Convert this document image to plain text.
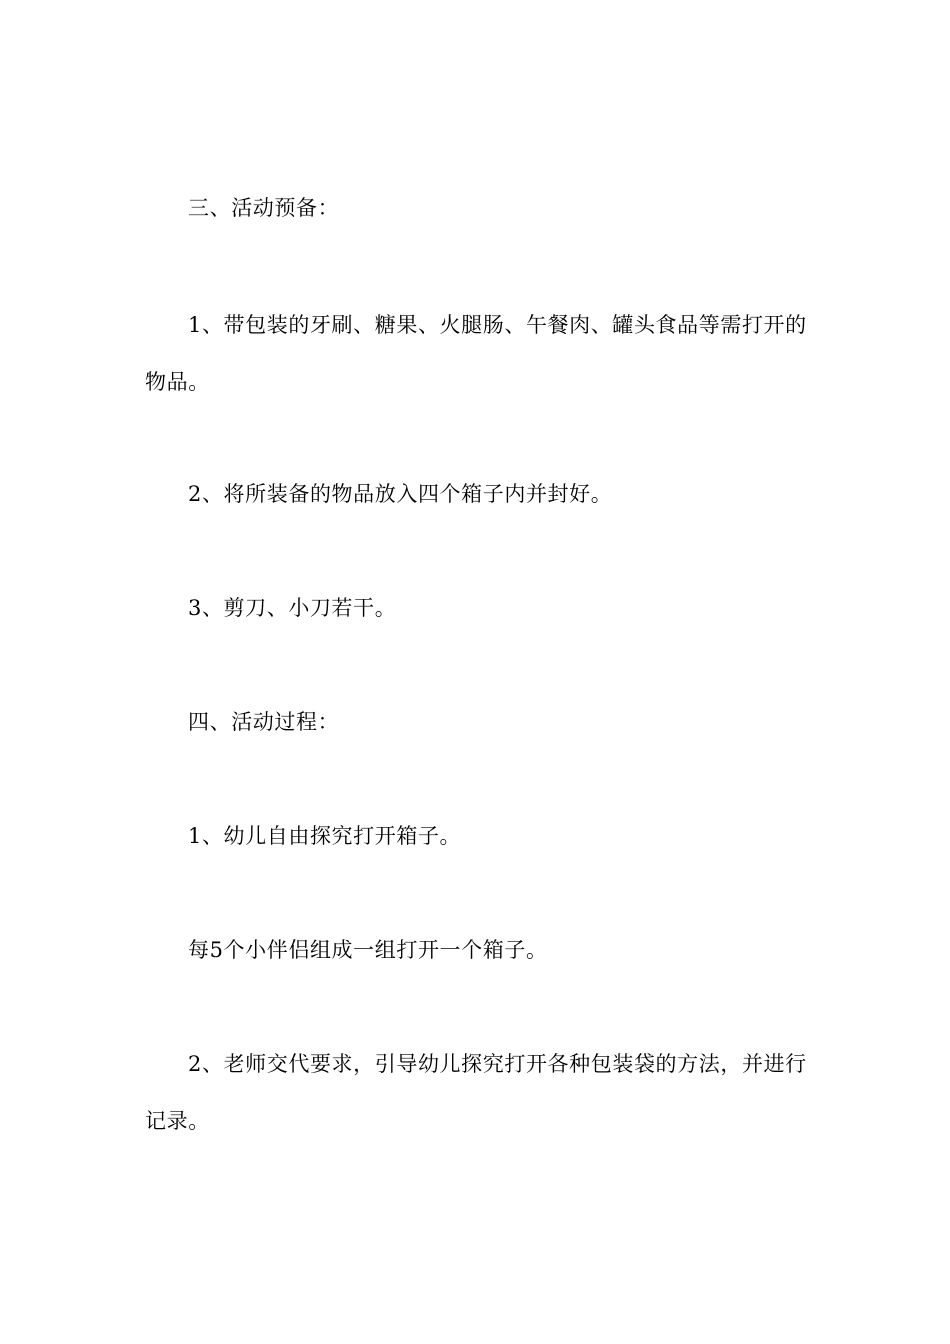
三、活动预备：

1、带包装的牙刷、糖果、火腿肠、午餐肉、罐头食品等需打开的物品。

2、将所装备的物品放入四个箱子内并封好。

3、剪刀、小刀若干。

四、活动过程：

1、幼儿自由探究打开箱子。

每5个小伴侣组成一组打开一个箱子。

2、老师交代要求，引导幼儿探究打开各种包装袋的方法，并进行记录。
